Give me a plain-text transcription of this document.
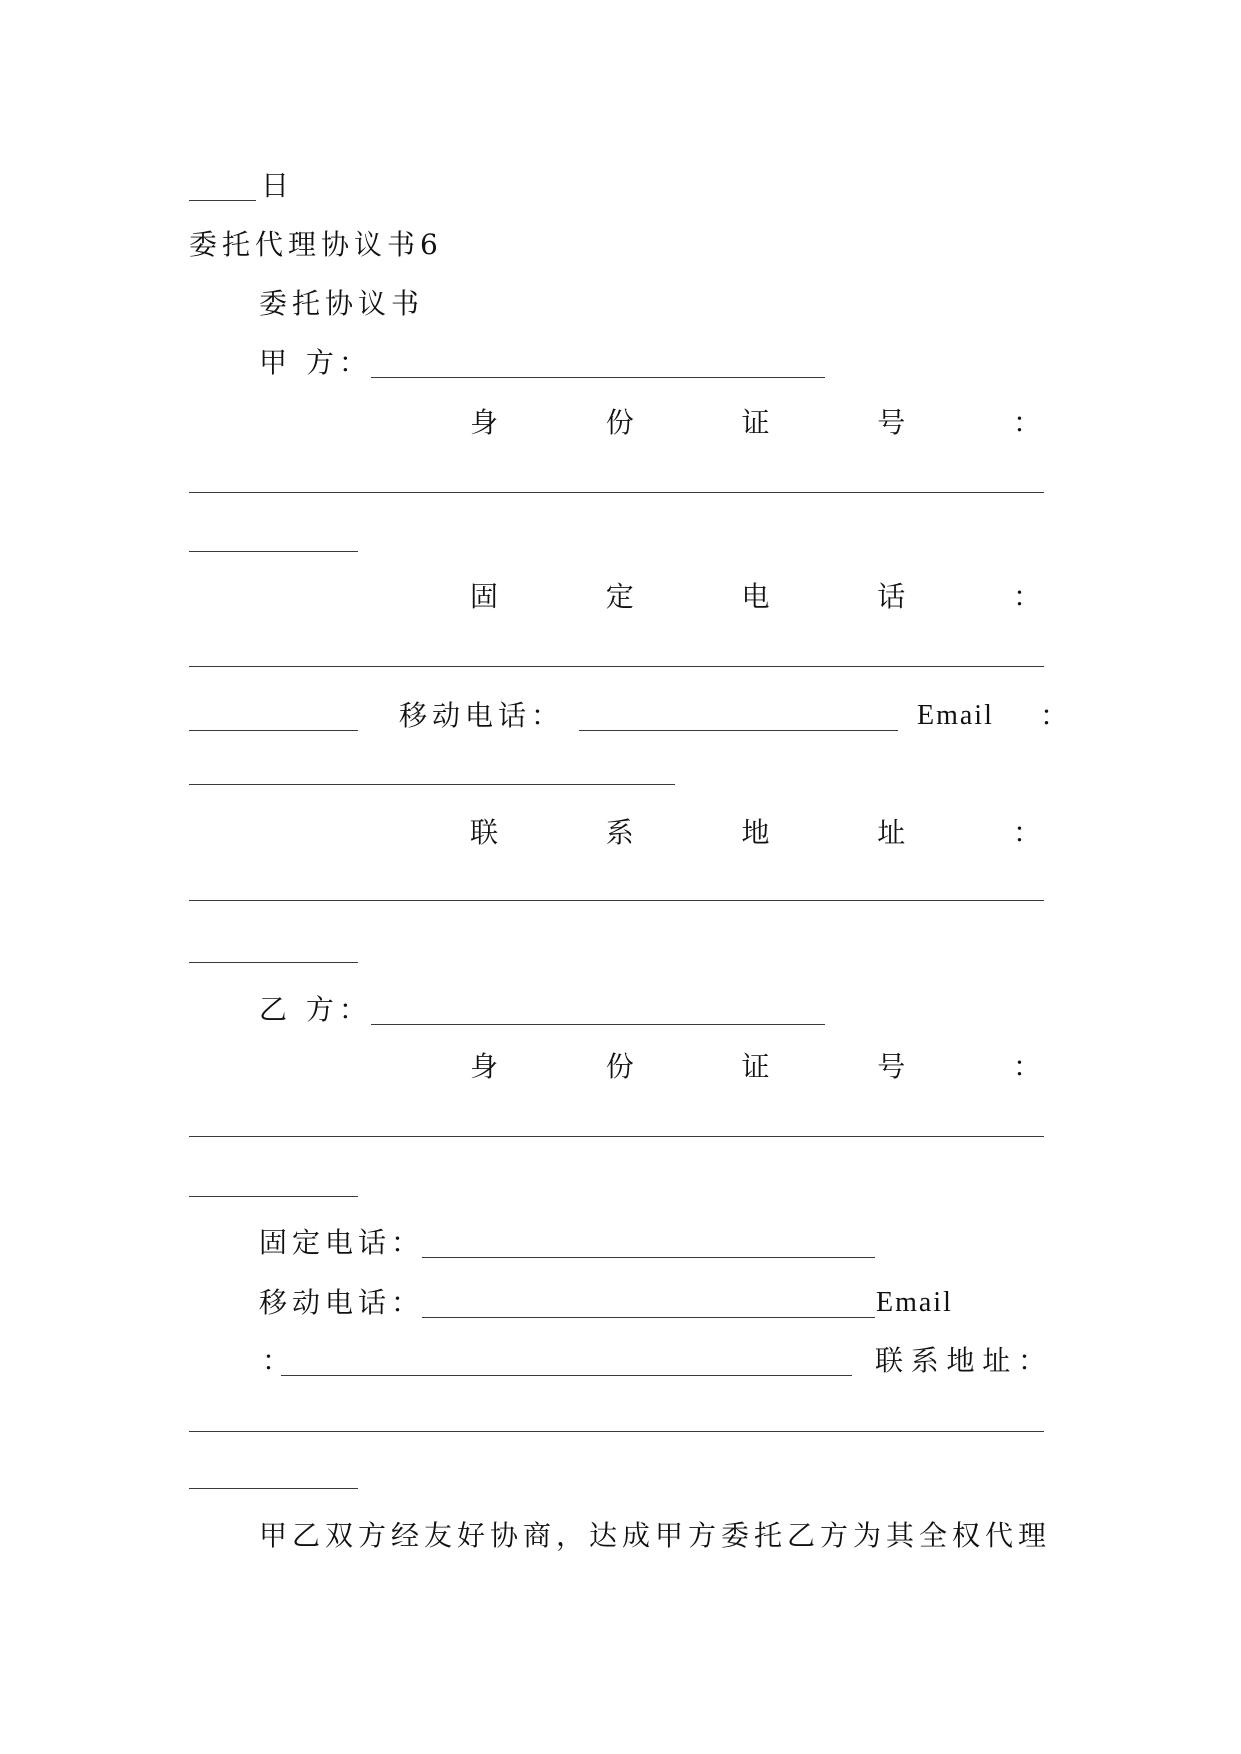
日
委托代理协议书6
委托协议书
甲 方：
身	份	证	号	：
固	定	电	话	：
移动电话：	Email ：
联	系	地	址	：
乙 方：
身	份	证	号	：
固定电话：
移动电话：	Email
：	联 系 地 址 ：
甲乙双方经友好协商，达成甲方委托乙方为其全权代理
